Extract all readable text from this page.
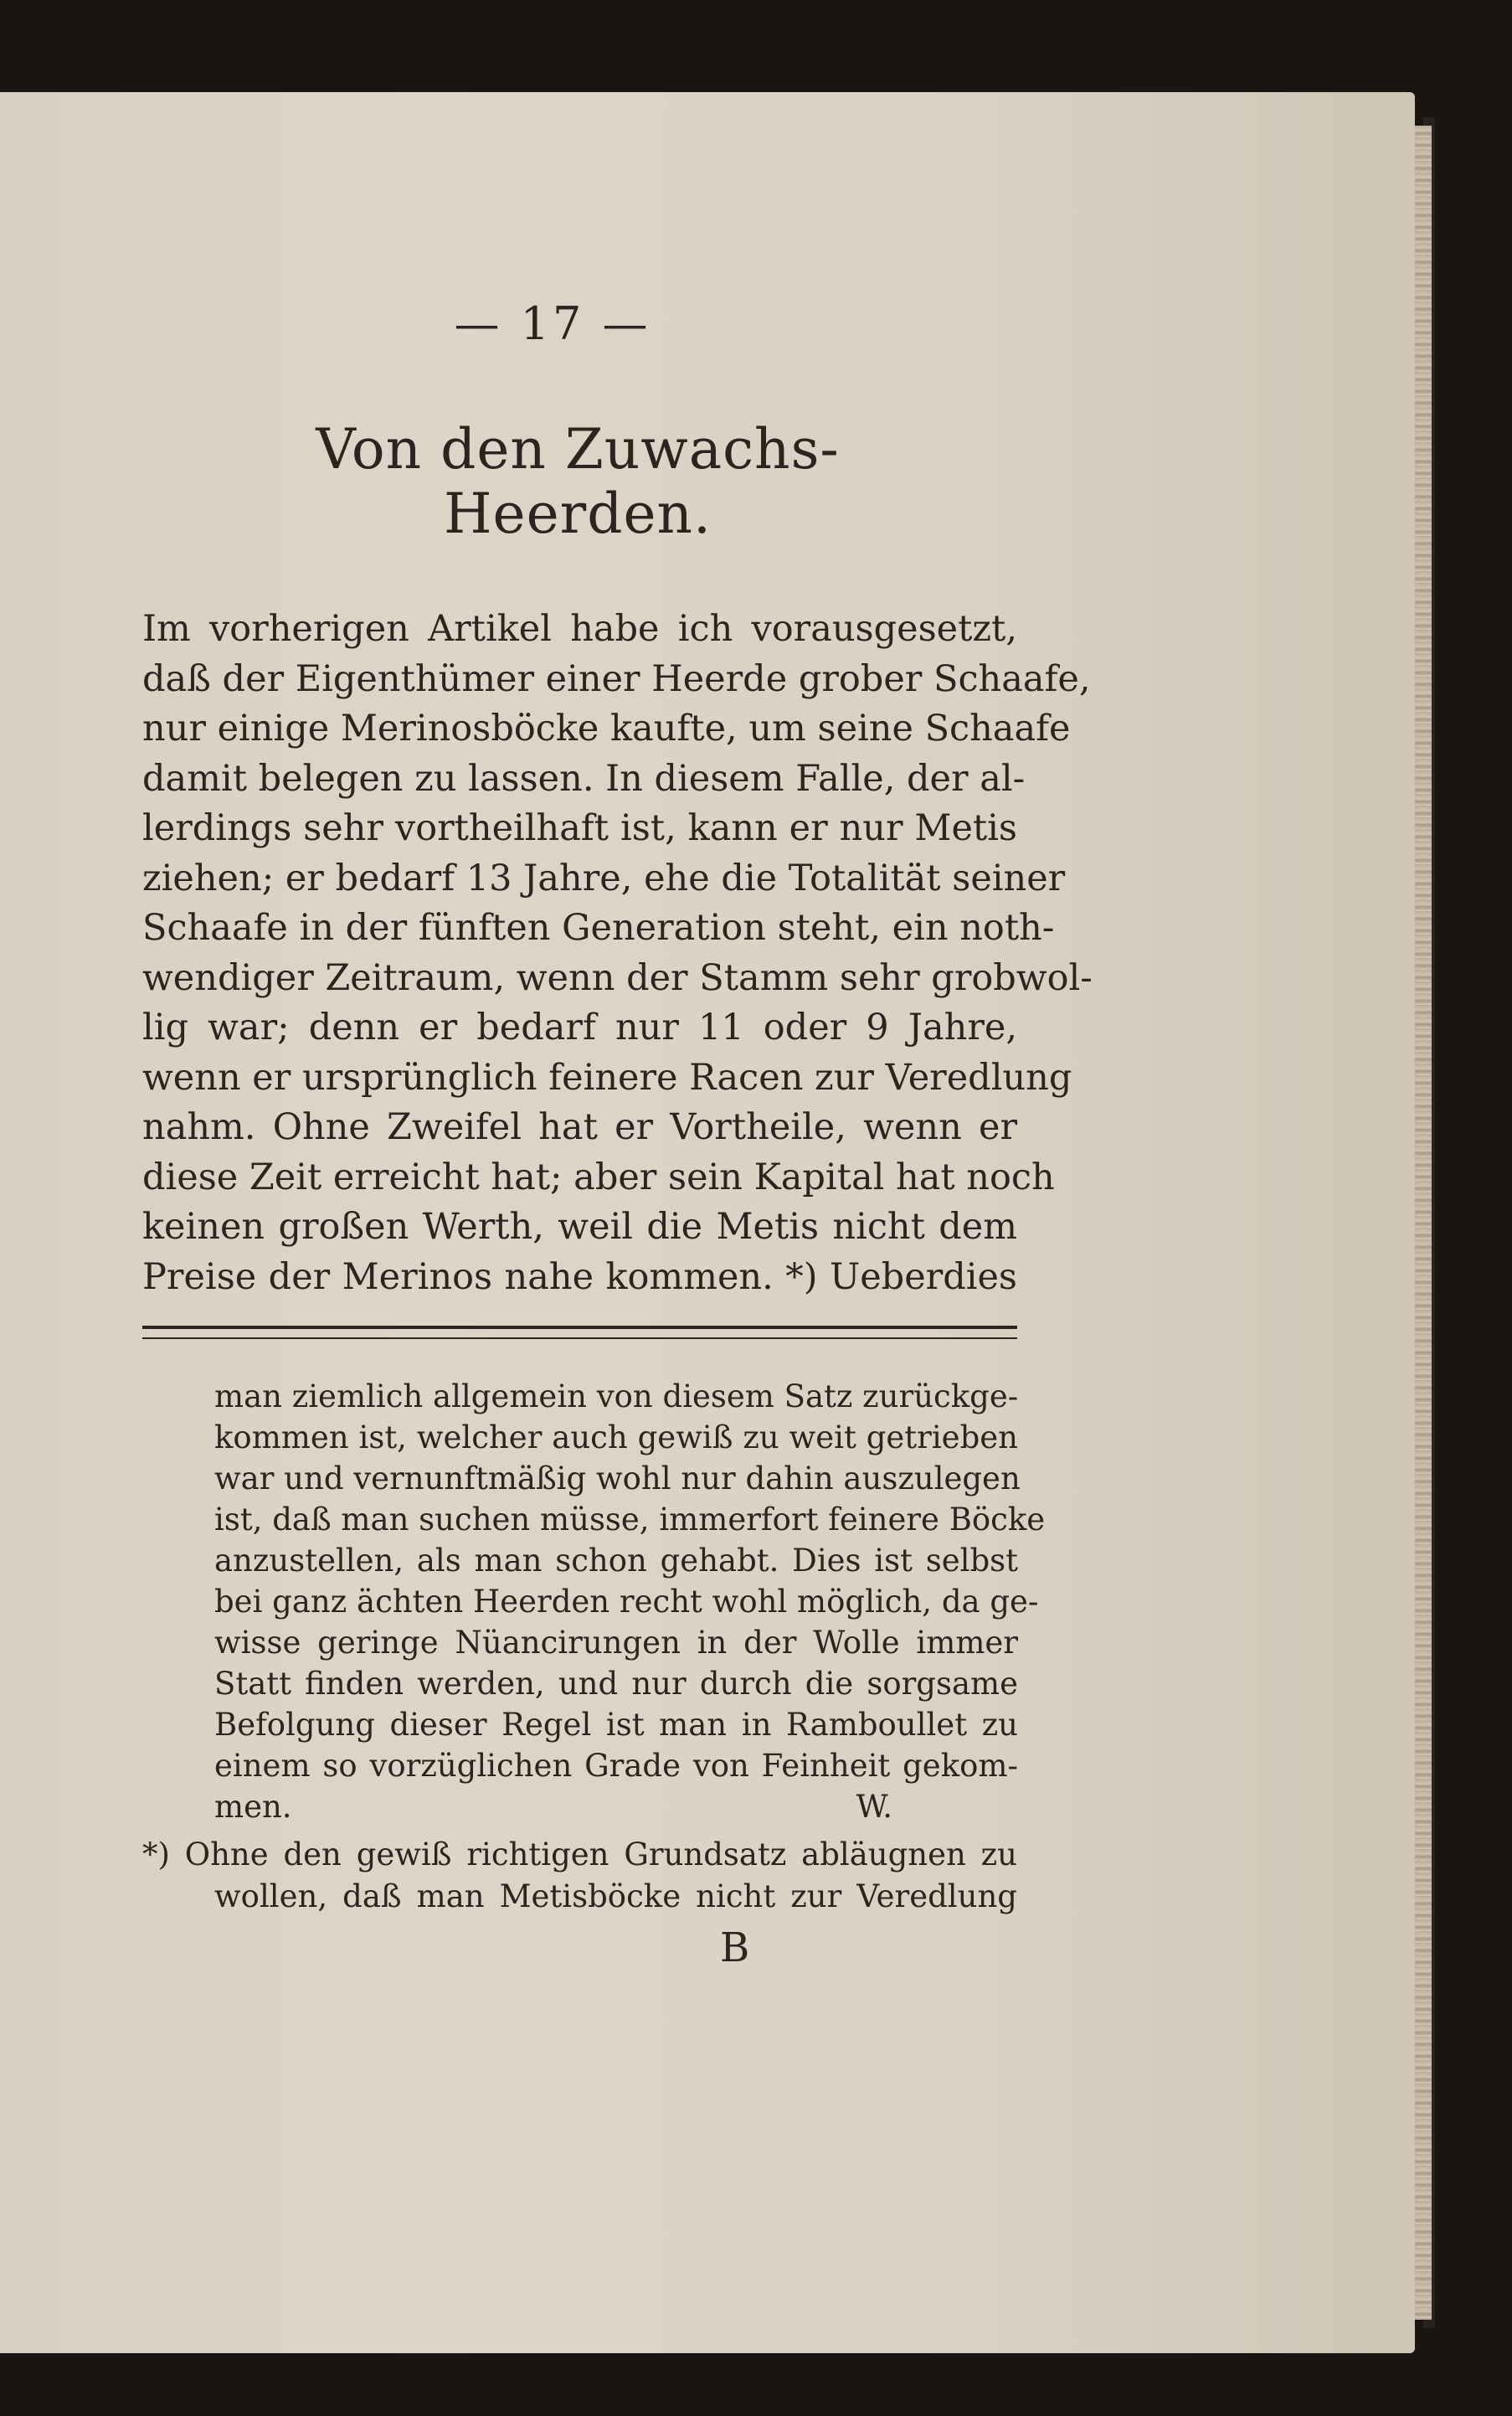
— 17 —
Von den Zuwachs-Heerden.
Im vorherigen Artikel habe ich vorausgesetzt,
daß der Eigenthümer einer Heerde grober Schaafe,
nur einige Merinosböcke kaufte, um seine Schaafe
damit belegen zu lassen. In diesem Falle, der al-
lerdings sehr vortheilhaft ist, kann er nur Metis
ziehen; er bedarf 13 Jahre, ehe die Totalität seiner
Schaafe in der fünften Generation steht, ein noth-
wendiger Zeitraum, wenn der Stamm sehr grobwol-
lig war; denn er bedarf nur 11 oder 9 Jahre,
wenn er ursprünglich feinere Racen zur Veredlung
nahm. Ohne Zweifel hat er Vortheile, wenn er
diese Zeit erreicht hat; aber sein Kapital hat noch
keinen großen Werth, weil die Metis nicht dem
Preise der Merinos nahe kommen. *) Ueberdies
man ziemlich allgemein von diesem Satz zurückge-
kommen ist, welcher auch gewiß zu weit getrieben
war und vernunftmäßig wohl nur dahin auszulegen
ist, daß man suchen müsse, immerfort feinere Böcke
anzustellen, als man schon gehabt. Dies ist selbst
bei ganz ächten Heerden recht wohl möglich, da ge-
wisse geringe Nüancirungen in der Wolle immer
Statt finden werden, und nur durch die sorgsame
Befolgung dieser Regel ist man in Ramboullet zu
einem so vorzüglichen Grade von Feinheit gekom-
men.	W.
*) Ohne den gewiß richtigen Grundsatz abläugnen zu
wollen, daß man Metisböcke nicht zur Veredlung
B
